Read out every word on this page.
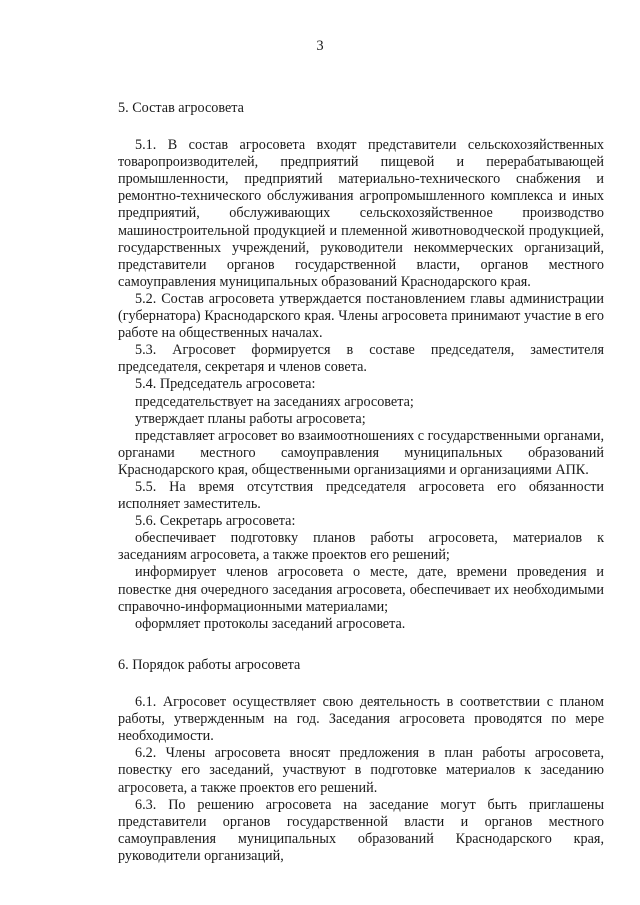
3

5. Состав агросовета

5.1. В состав агросовета входят представители сельскохозяйственных товаропроизводителей, предприятий пищевой и перерабатывающей промышленности, предприятий материально-технического снабжения и ремонтно-технического обслуживания агропромышленного комплекса и иных предприятий, обслуживающих сельскохозяйственное производство машиностроительной продукцией и племенной животноводческой продукцией, государственных учреждений, руководители некоммерческих организаций, представители органов государственной власти, органов местного самоуправления муниципальных образований Краснодарского края.

5.2. Состав агросовета утверждается постановлением главы администрации (губернатора) Краснодарского края. Члены агросовета принимают участие в его работе на общественных началах.

5.3. Агросовет формируется в составе председателя, заместителя председателя, секретаря и членов совета.

5.4. Председатель агросовета:

председательствует на заседаниях агросовета;

утверждает планы работы агросовета;

представляет агросовет во взаимоотношениях с государственными органами, органами местного самоуправления муниципальных образований Краснодарского края, общественными организациями и организациями АПК.

5.5. На время отсутствия председателя агросовета его обязанности исполняет заместитель.

5.6. Секретарь агросовета:

обеспечивает подготовку планов работы агросовета, материалов к заседаниям агросовета, а также проектов его решений;

информирует членов агросовета о месте, дате, времени проведения и повестке дня очередного заседания агросовета, обеспечивает их необходимыми справочно-информационными материалами;

оформляет протоколы заседаний агросовета.

6. Порядок работы агросовета

6.1. Агросовет осуществляет свою деятельность в соответствии с планом работы, утвержденным на год. Заседания агросовета проводятся по мере необходимости.

6.2. Члены агросовета вносят предложения в план работы агросовета, повестку его заседаний, участвуют в подготовке материалов к заседанию агросовета, а также проектов его решений.

6.3. По решению агросовета на заседание могут быть приглашены представители органов государственной власти и органов местного самоуправления муниципальных образований Краснодарского края, руководители организаций,
